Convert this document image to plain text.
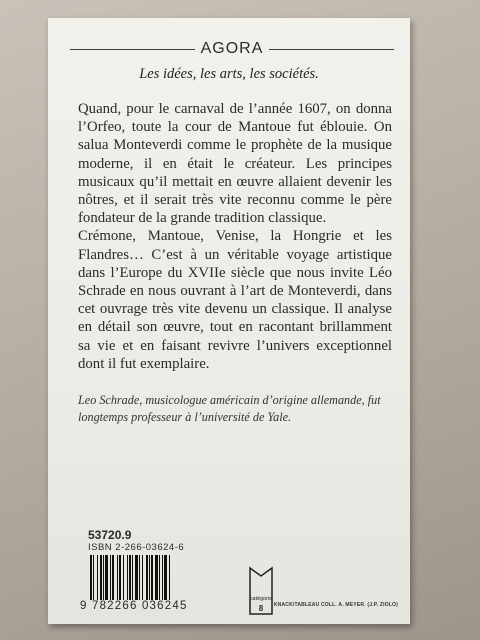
AGORA
Les idées, les arts, les sociétés.

Quand, pour le carnaval de l’année 1607, on donna l’Orfeo, toute la cour de Mantoue fut éblouie. On salua Monteverdi comme le prophète de la musique moderne, il en était le créateur. Les principes musicaux qu’il mettait en œuvre allaient devenir les nôtres, et il serait très vite reconnu comme le père fondateur de la grande tradition classique.

Crémone, Mantoue, Venise, la Hongrie et les Flandres… C’est à un véritable voyage artistique dans l’Europe du XVIIe siècle que nous invite Léo Schrade en nous ouvrant à l’art de Monteverdi, dans cet ouvrage très vite devenu un classique. Il analyse en détail son œuvre, tout en racontant brillamment sa vie et en faisant revivre l’univers exceptionnel dont il fut exemplaire.

Leo Schrade, musicologue américain d’origine allemande, fut longtemps professeur à l’université de Yale.
53720.9
ISBN 2-266-03624-6
9 782266 036245
catégorie
8	KNACK/TABLEAU COLL. A. MEYER. (J.P. ZIOLO)
